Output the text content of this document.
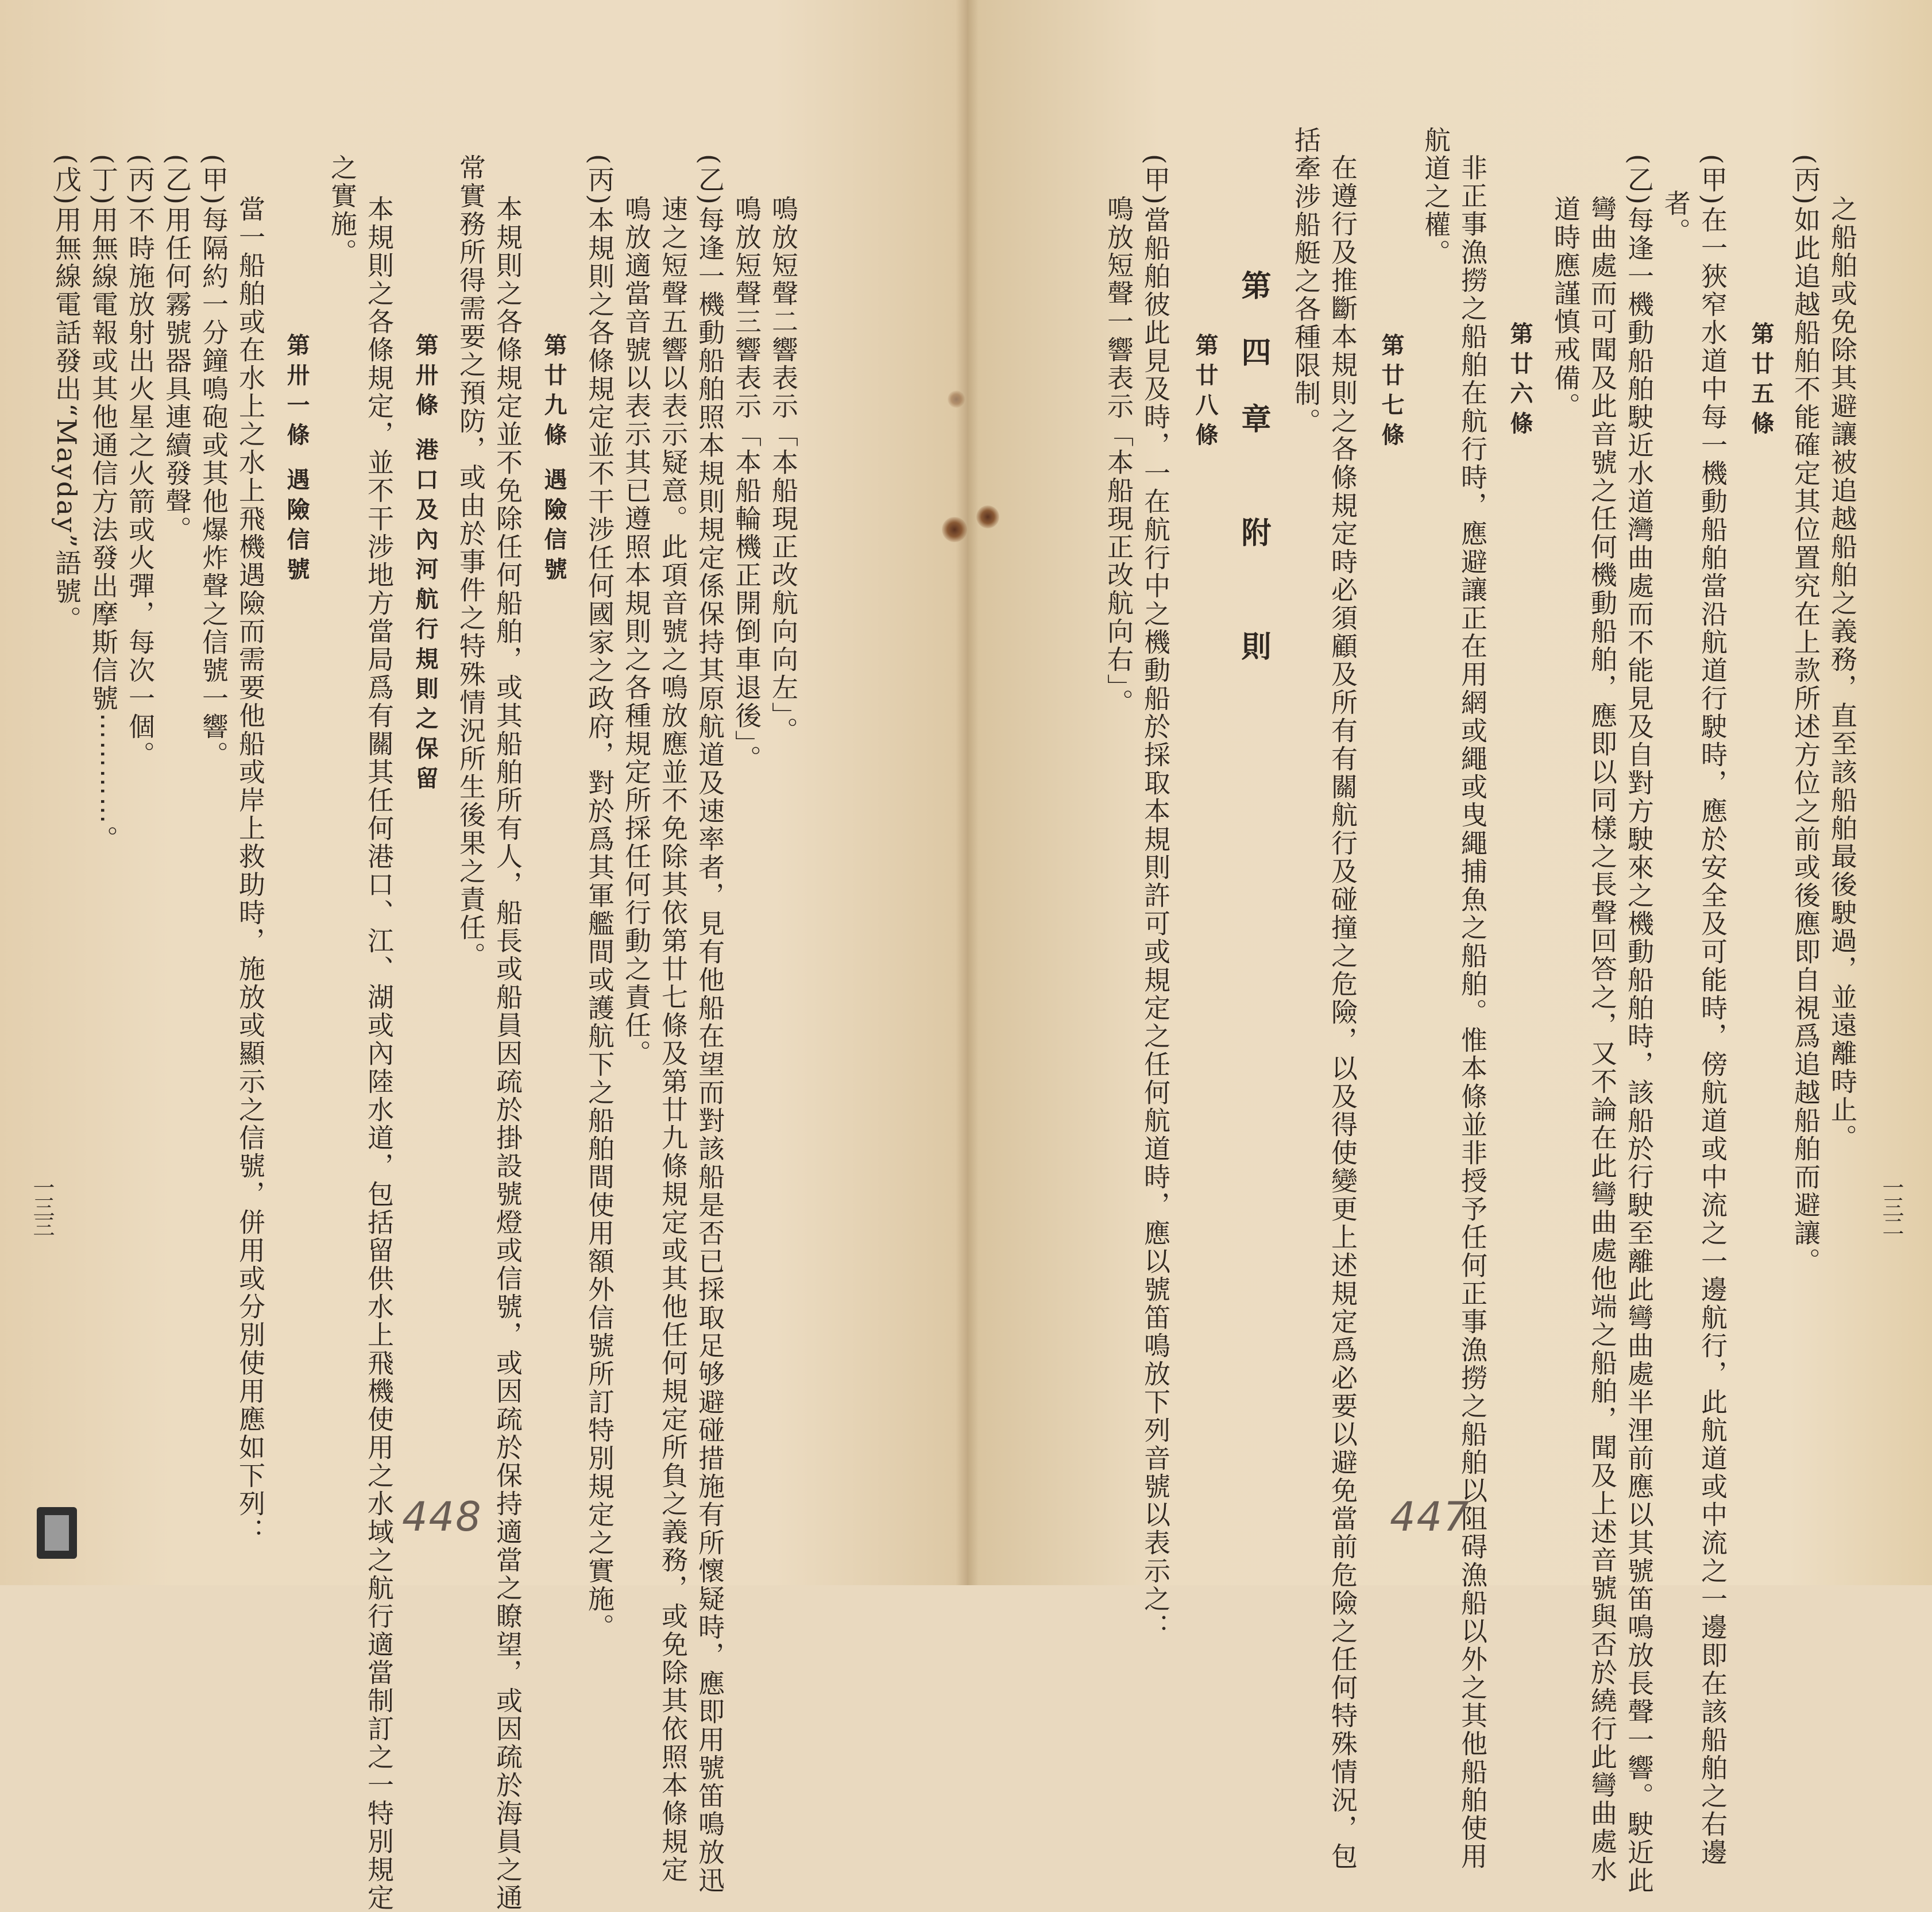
之船舶或免除其避讓被追越船舶之義務，直至該船舶最後駛過，並遠離時止。
(丙)如此追越船舶不能確定其位置究在上款所述方位之前或後應即自視爲追越船舶而避讓。
第廿五條
(甲)在一狹窄水道中每一機動船舶當沿航道行駛時，應於安全及可能時，傍航道或中流之一邊航行，此航道或中流之一邊即在該船舶之右邊
者。
(乙)每逢一機動船舶駛近水道灣曲處而不能見及自對方駛來之機動船舶時，該船於行駛至離此彎曲處半浬前應以其號笛鳴放長聲一響。駛近此
彎曲處而可聞及此音號之任何機動船舶，應即以同樣之長聲回答之，又不論在此彎曲處他端之船舶，聞及上述音號與否於繞行此彎曲處水
道時應謹慎戒備。
第廿六條
非正事漁撈之船舶在航行時，應避讓正在用網或繩或曳繩捕魚之船舶。惟本條並非授予任何正事漁撈之船舶以阻碍漁船以外之其他船舶使用
航道之權。
第廿七條
在遵行及推斷本規則之各條規定時必須顧及所有有關航行及碰撞之危險，以及得使變更上述規定爲必要以避免當前危險之任何特殊情況，包
括牽涉船艇之各種限制。
第四章 附 則
第廿八條
(甲)當船舶彼此見及時，一在航行中之機動船於採取本規則許可或規定之任何航道時，應以號笛鳴放下列音號以表示之：
鳴放短聲一響表示「本船現正改航向右」。
一三二
447
鳴放短聲二響表示「本船現正改航向向左」。
鳴放短聲三響表示「本船輪機正開倒車退後」。
(乙)每逢一機動船舶照本規則規定係保持其原航道及速率者，見有他船在望而對該船是否已採取足够避碰措施有所懷疑時，應即用號笛鳴放迅
速之短聲五響以表示疑意。此項音號之鳴放應並不免除其依第廿七條及第廿九條規定或其他任何規定所負之義務，或免除其依照本條規定
鳴放適當音號以表示其已遵照本規則之各種規定所採任何行動之責任。
(丙)本規則之各條規定並不干涉任何國家之政府，對於爲其軍艦間或護航下之船舶間使用額外信號所訂特別規定之實施。
第廿九條 遇險信號
本規則之各條規定並不免除任何船舶，或其船舶所有人，船長或船員因疏於掛設號燈或信號，或因疏於保持適當之瞭望，或因疏於海員之通
常實務所得需要之預防，或由於事件之特殊情況所生後果之責任。
第卅條 港口及內河航行規則之保留
本規則之各條規定，並不干涉地方當局爲有關其任何港口、江、湖或內陸水道，包括留供水上飛機使用之水域之航行適當制訂之一特別規定
之實施。
第卅一條 遇險信號
當一船舶或在水上之水上飛機遇險而需要他船或岸上救助時，施放或顯示之信號，併用或分別使用應如下列：
(甲)每隔約一分鐘鳴砲或其他爆炸聲之信號一響。
(乙)用任何霧號器具連續發聲。
(丙)不時施放射出火星之火箭或火彈，每次一個。
(丁)用無線電報或其他通信方法發出摩斯信號⋯⋯⋯⋯。
(戊)用無線電話發出“Mayday”語號。
一三三
448
